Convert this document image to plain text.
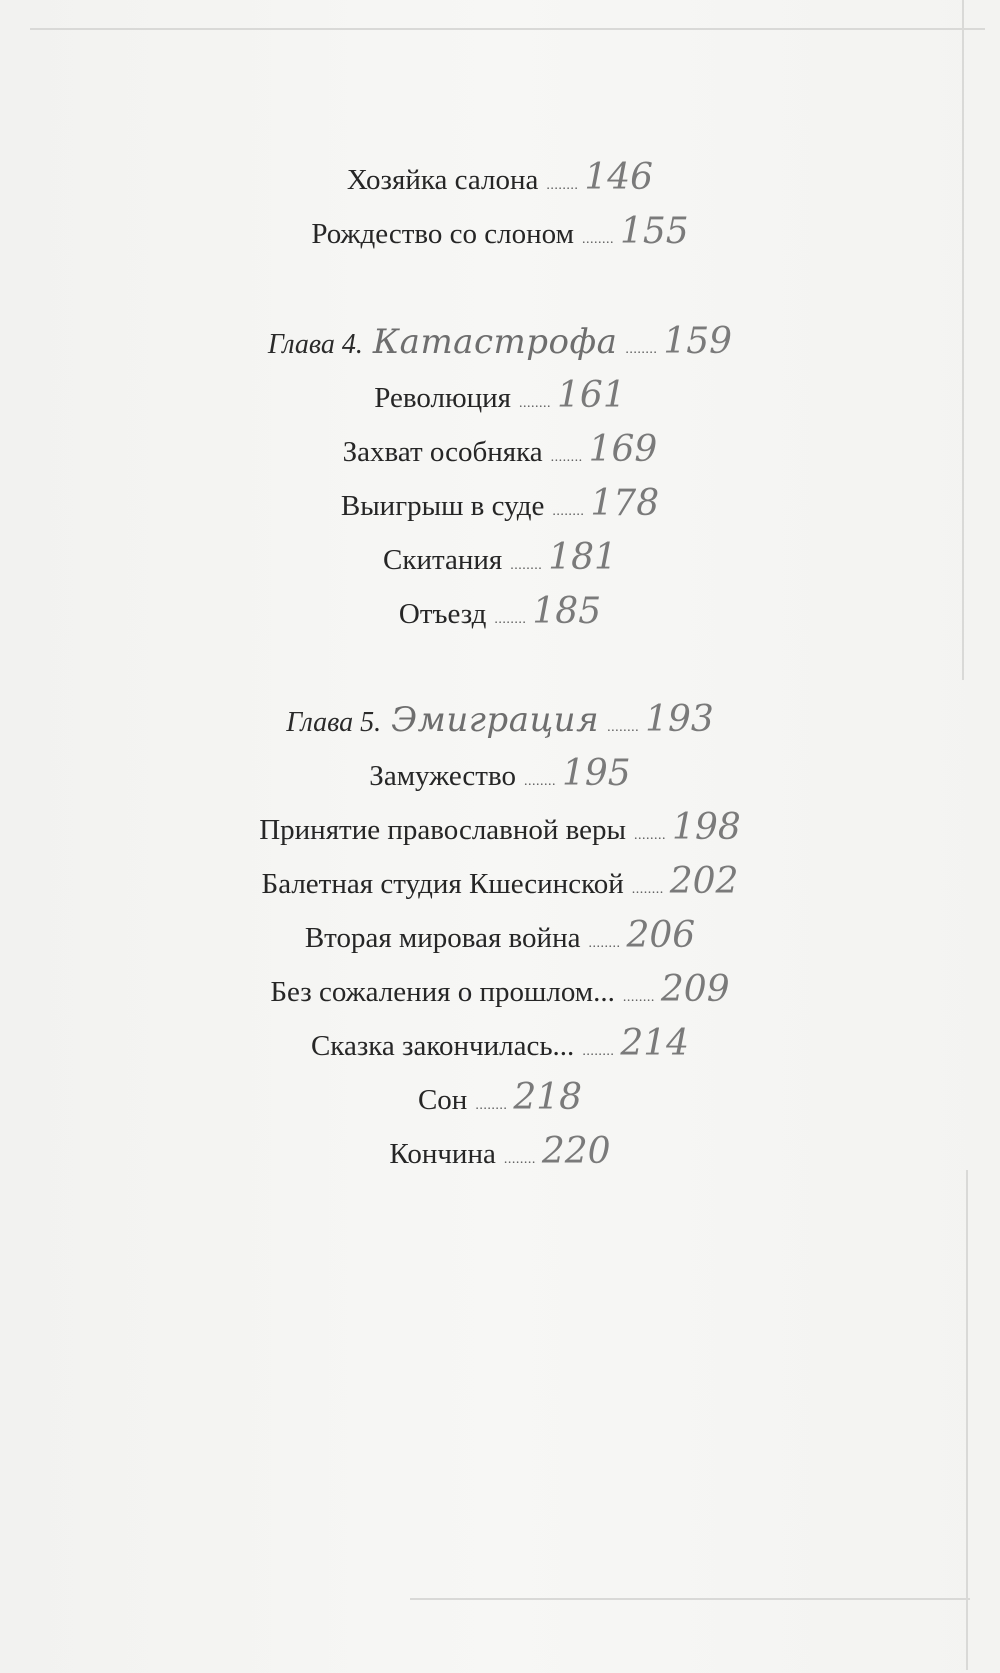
Хозяйка салона ........ 146
Рождество со слоном ........ 155
Глава 4. Катастрофа ........ 159
Революция ........ 161
Захват особняка ........ 169
Выигрыш в суде ........ 178
Скитания ........ 181
Отъезд ........ 185
Глава 5. Эмиграция ........ 193
Замужество ........ 195
Принятие православной веры ........ 198
Балетная студия Кшесинской ........ 202
Вторая мировая война ........ 206
Без сожаления о прошлом... ........ 209
Сказка закончилась... ........ 214
Сон ........ 218
Кончина ........ 220
